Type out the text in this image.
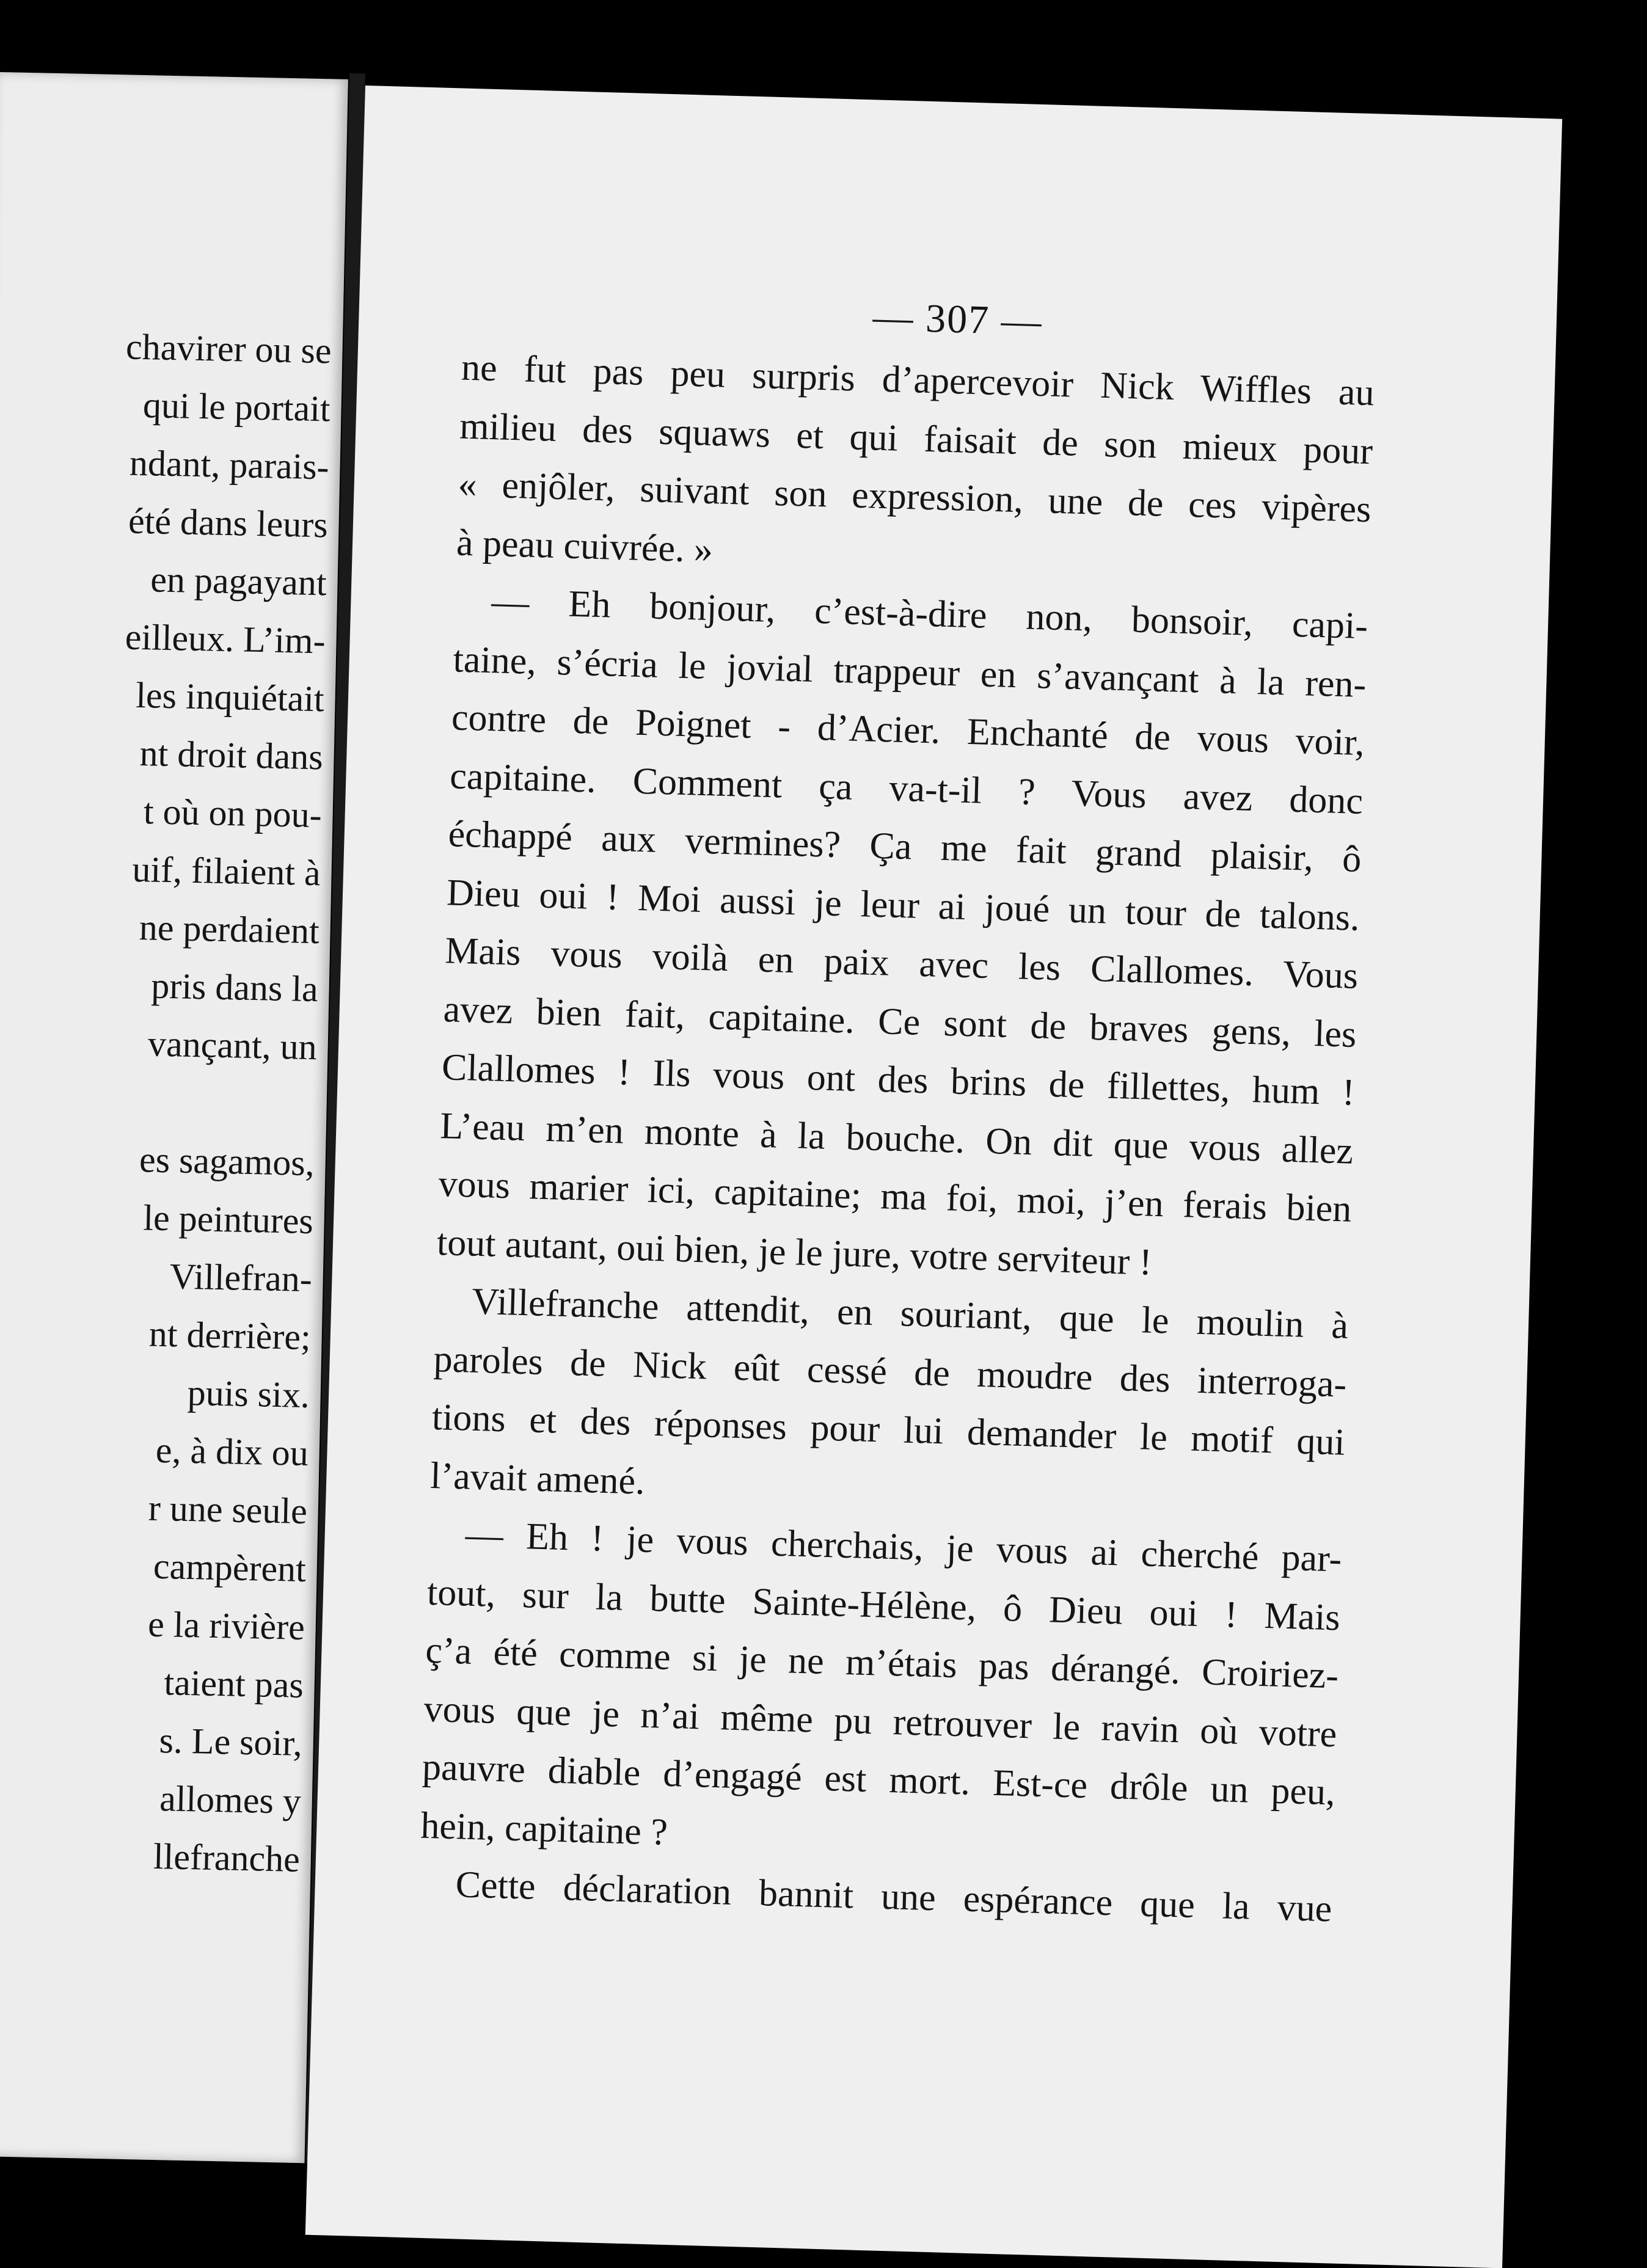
chavirer ou se
qui le portait
ndant, parais-
été dans leurs
en pagayant
eilleux. L’im-
les inquiétait
nt droit dans
t où on pou-
uif, filaient à
ne perdaient
pris dans la
vançant, un
es sagamos,
le peintures
Villefran-
nt derrière;
puis six.
e, à dix ou
r une seule
campèrent
e la rivière
taient pas
s. Le soir,
allomes y
llefranche
— 307 —
ne fut pas peu surpris d’apercevoir Nick Wiffles au
milieu des squaws et qui faisait de son mieux pour
« enjôler, suivant son expression, une de ces vipères
à peau cuivrée. »
— Eh bonjour, c’est-à-dire non, bonsoir, capi-
taine, s’écria le jovial trappeur en s’avançant à la ren-
contre de Poignet - d’Acier. Enchanté de vous voir,
capitaine. Comment ça va-t-il ? Vous avez donc
échappé aux vermines? Ça me fait grand plaisir, ô
Dieu oui ! Moi aussi je leur ai joué un tour de talons.
Mais vous voilà en paix avec les Clallomes. Vous
avez bien fait, capitaine. Ce sont de braves gens, les
Clallomes ! Ils vous ont des brins de fillettes, hum !
L’eau m’en monte à la bouche. On dit que vous allez
vous marier ici, capitaine; ma foi, moi, j’en ferais bien
tout autant, oui bien, je le jure, votre serviteur !
Villefranche attendit, en souriant, que le moulin à
paroles de Nick eût cessé de moudre des interroga-
tions et des réponses pour lui demander le motif qui
l’avait amené.
— Eh ! je vous cherchais, je vous ai cherché par-
tout, sur la butte Sainte-Hélène, ô Dieu oui ! Mais
ç’a été comme si je ne m’étais pas dérangé. Croiriez-
vous que je n’ai même pu retrouver le ravin où votre
pauvre diable d’engagé est mort. Est-ce drôle un peu,
hein, capitaine ?
Cette déclaration bannit une espérance que la vue
